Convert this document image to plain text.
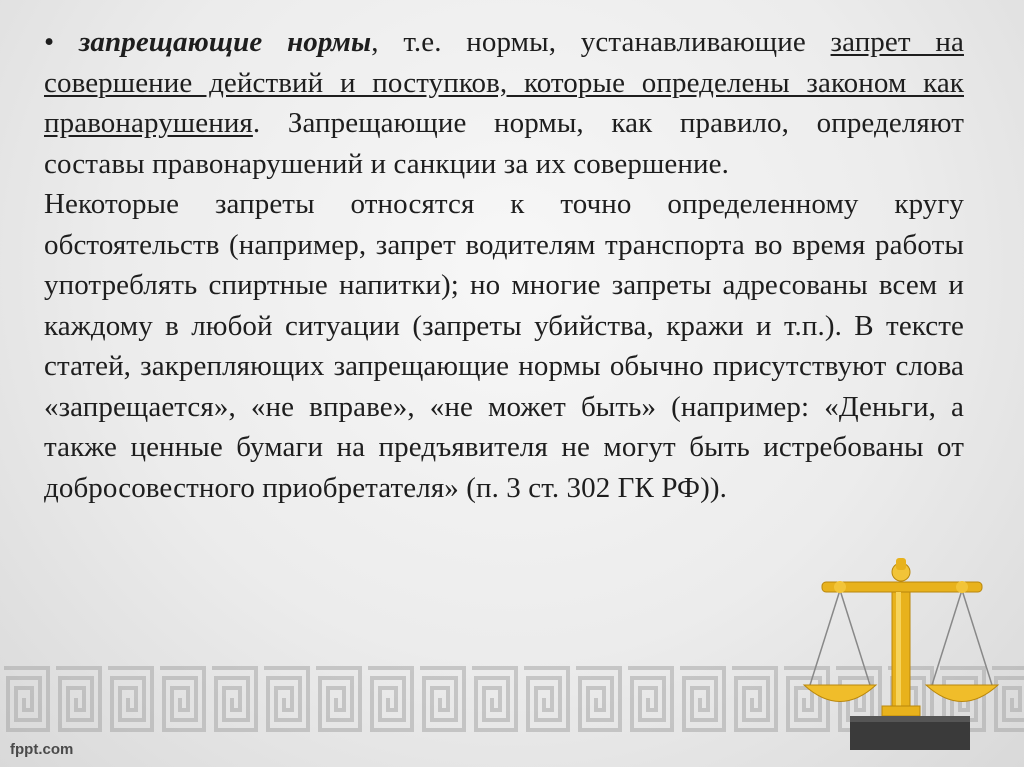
• запрещающие нормы, т.е. нормы, устанавливающие запрет на совершение действий и поступков, которые определены законом как правонарушения. Запрещающие нормы, как правило, определяют составы правонарушений и санкции за их совершение.

Некоторые запреты относятся к точно определенному кругу обстоятельств (например, запрет водителям транспорта во время работы употреблять спиртные напитки); но многие запреты адресованы всем и каждому в любой ситуации (запреты убийства, кражи и т.п.). В тексте статей, закрепляющих запрещающие нормы обычно присутствуют слова «запрещается», «не вправе», «не может быть» (например: «Деньги, а также ценные бумаги на предъявителя не могут быть истребованы от добросовестного приобретателя» (п. 3 ст. 302 ГК РФ)).

fppt.com
